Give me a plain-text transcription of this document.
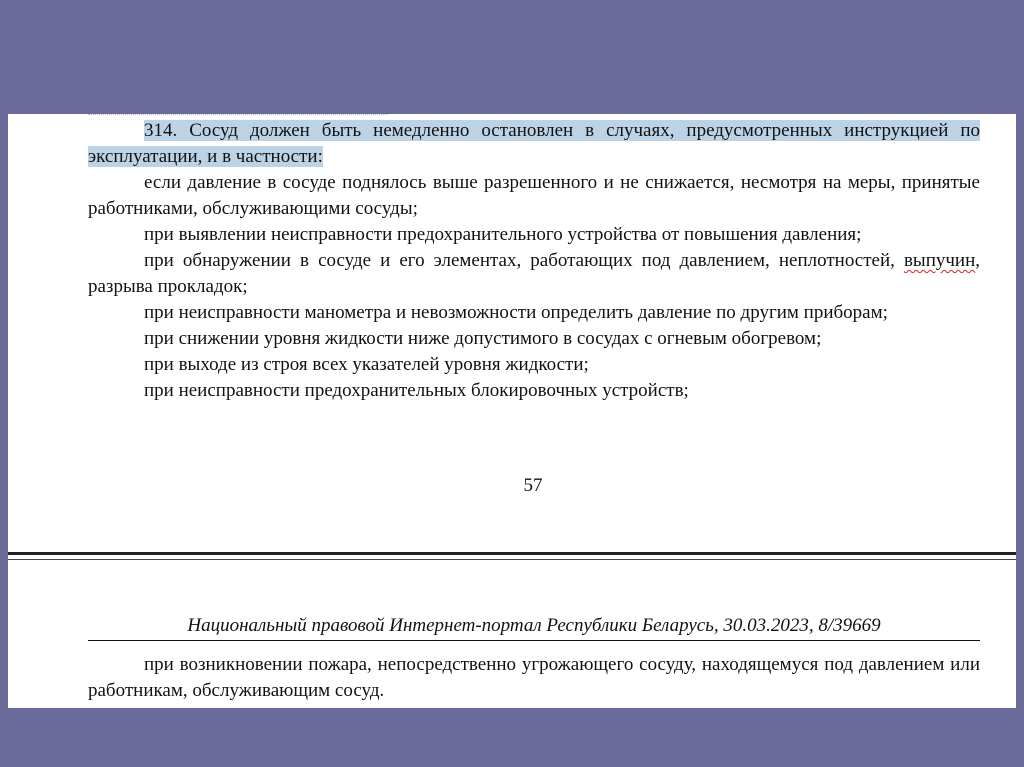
314. Сосуд должен быть немедленно остановлен в случаях, предусмотренных инструкцией по эксплуатации, и в частности:

если давление в сосуде поднялось выше разрешенного и не снижается, несмотря на меры, принятые работниками, обслуживающими сосуды;

при выявлении неисправности предохранительного устройства от повышения давления;

при обнаружении в сосуде и его элементах, работающих под давлением, неплотностей, выпучин, разрыва прокладок;

при неисправности манометра и невозможности определить давление по другим приборам;

при снижении уровня жидкости ниже допустимого в сосудах с огневым обогревом;

при выходе из строя всех указателей уровня жидкости;

при неисправности предохранительных блокировочных устройств;

57
Национальный правовой Интернет-портал Республики Беларусь, 30.03.2023, 8/39669

при возникновении пожара, непосредственно угрожающего сосуду, находящемуся под давлением или работникам, обслуживающим сосуд.
